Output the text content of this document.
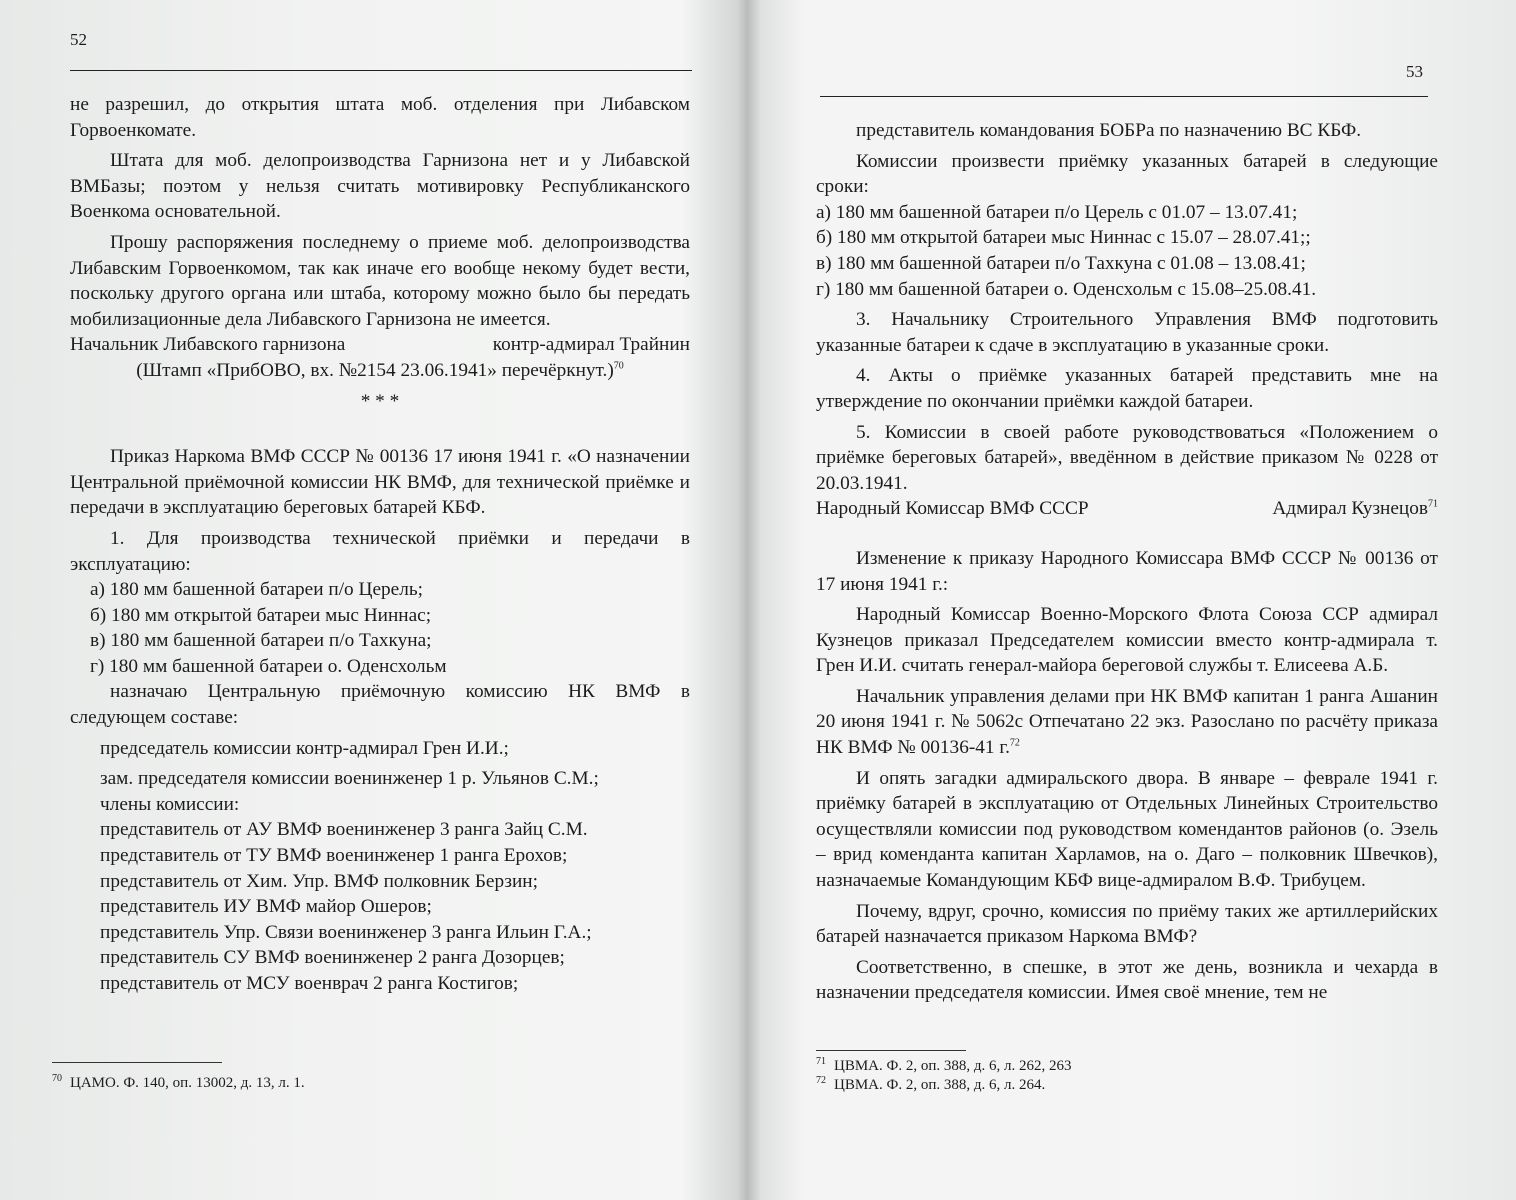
52

не разрешил, до открытия штата моб. отделения при Либавском Горвоенкомате.

Штата для моб. делопроизводства Гарнизона нет и у Либавской ВМБазы; поэтом у нельзя считать мотивировку Республиканского Военкома основательной.

Прошу распоряжения последнему о приеме моб. делопроизводства Либавским Горвоенкомом, так как иначе его вообще некому будет вести, поскольку другого органа или штаба, которому можно было бы передать мобилизационные дела Либавского Гарнизона не имеется.

Начальник Либавского гарнизона	контр-адмирал Трайнин

(Штамп «ПрибОВО, вх. №2154 23.06.1941» перечёркнут.)$^{70}$

* * *

Приказ Наркома ВМФ СССР № 00136 17 июня 1941 г. «О назначении Центральной приёмочной комиссии НК ВМФ, для технической приёмке и передачи в эксплуатацию береговых батарей КБФ.

1. Для производства технической приёмки и передачи в эксплуатацию:

а) 180 мм башенной батареи п/о Церель;

б) 180 мм открытой батареи мыс Ниннас;

в) 180 мм башенной батареи п/о Тахкуна;

г) 180 мм башенной батареи о. Оденсхольм

назначаю Центральную приёмочную комиссию НК ВМФ в следующем составе:

председатель комиссии контр-адмирал Грен И.И.;

зам. председателя комиссии военинженер 1 р. Ульянов С.М.;

члены комиссии:

представитель от АУ ВМФ военинженер 3 ранга Зайц С.М.

представитель от ТУ ВМФ военинженер 1 ранга Ерохов;

представитель от Хим. Упр. ВМФ полковник Берзин;

представитель ИУ ВМФ майор Ошеров;

представитель Упр. Связи военинженер 3 ранга Ильин Г.А.;

представитель СУ ВМФ военинженер 2 ранга Дозорцев;

представитель от МСУ военврач 2 ранга Костигов;

$^{70}$ ЦАМО. Ф. 140, оп. 13002, д. 13, л. 1.
53

представитель командования БОБРа по назначению ВС КБФ.

Комиссии произвести приёмку указанных батарей в следующие сроки:

а) 180 мм башенной батареи п/о Церель с 01.07 – 13.07.41;

б) 180 мм открытой батареи мыс Ниннас с 15.07 – 28.07.41;;

в) 180 мм башенной батареи п/о Тахкуна с 01.08 – 13.08.41;

г) 180 мм башенной батареи о. Оденсхольм с 15.08–25.08.41.

3. Начальнику Строительного Управления ВМФ подготовить указанные батареи к сдаче в эксплуатацию в указанные сроки.

4. Акты о приёмке указанных батарей представить мне на утверждение по окончании приёмки каждой батареи.

5. Комиссии в своей работе руководствоваться «Положением о приёмке береговых батарей», введённом в действие приказом № 0228 от 20.03.1941.

Народный Комиссар ВМФ СССР	Адмирал Кузнецов$^{71}$

Изменение к приказу Народного Комиссара ВМФ СССР № 00136 от 17 июня 1941 г.:

Народный Комиссар Военно-Морского Флота Союза ССР адмирал Кузнецов приказал Председателем комиссии вместо контр-адмирала т. Грен И.И. считать генерал-майора береговой службы т. Елисеева А.Б.

Начальник управления делами при НК ВМФ капитан 1 ранга Ашанин 20 июня 1941 г. № 5062с Отпечатано 22 экз. Разослано по расчёту приказа НК ВМФ № 00136-41 г.$^{72}$

И опять загадки адмиральского двора. В январе – феврале 1941 г. приёмку батарей в эксплуатацию от Отдельных Линейных Строительство осуществляли комиссии под руководством комендантов районов (о. Эзель – врид коменданта капитан Харламов, на о. Даго – полковник Швечков), назначаемые Командующим КБФ вице-адмиралом В.Ф. Трибуцем.

Почему, вдруг, срочно, комиссия по приёму таких же артиллерийских батарей назначается приказом Наркома ВМФ?

Соответственно, в спешке, в этот же день, возникла и чехарда в назначении председателя комиссии. Имея своё мнение, тем не

$^{71}$ ЦВМА. Ф. 2, оп. 388, д. 6, л. 262, 263
$^{72}$ ЦВМА. Ф. 2, оп. 388, д. 6, л. 264.
